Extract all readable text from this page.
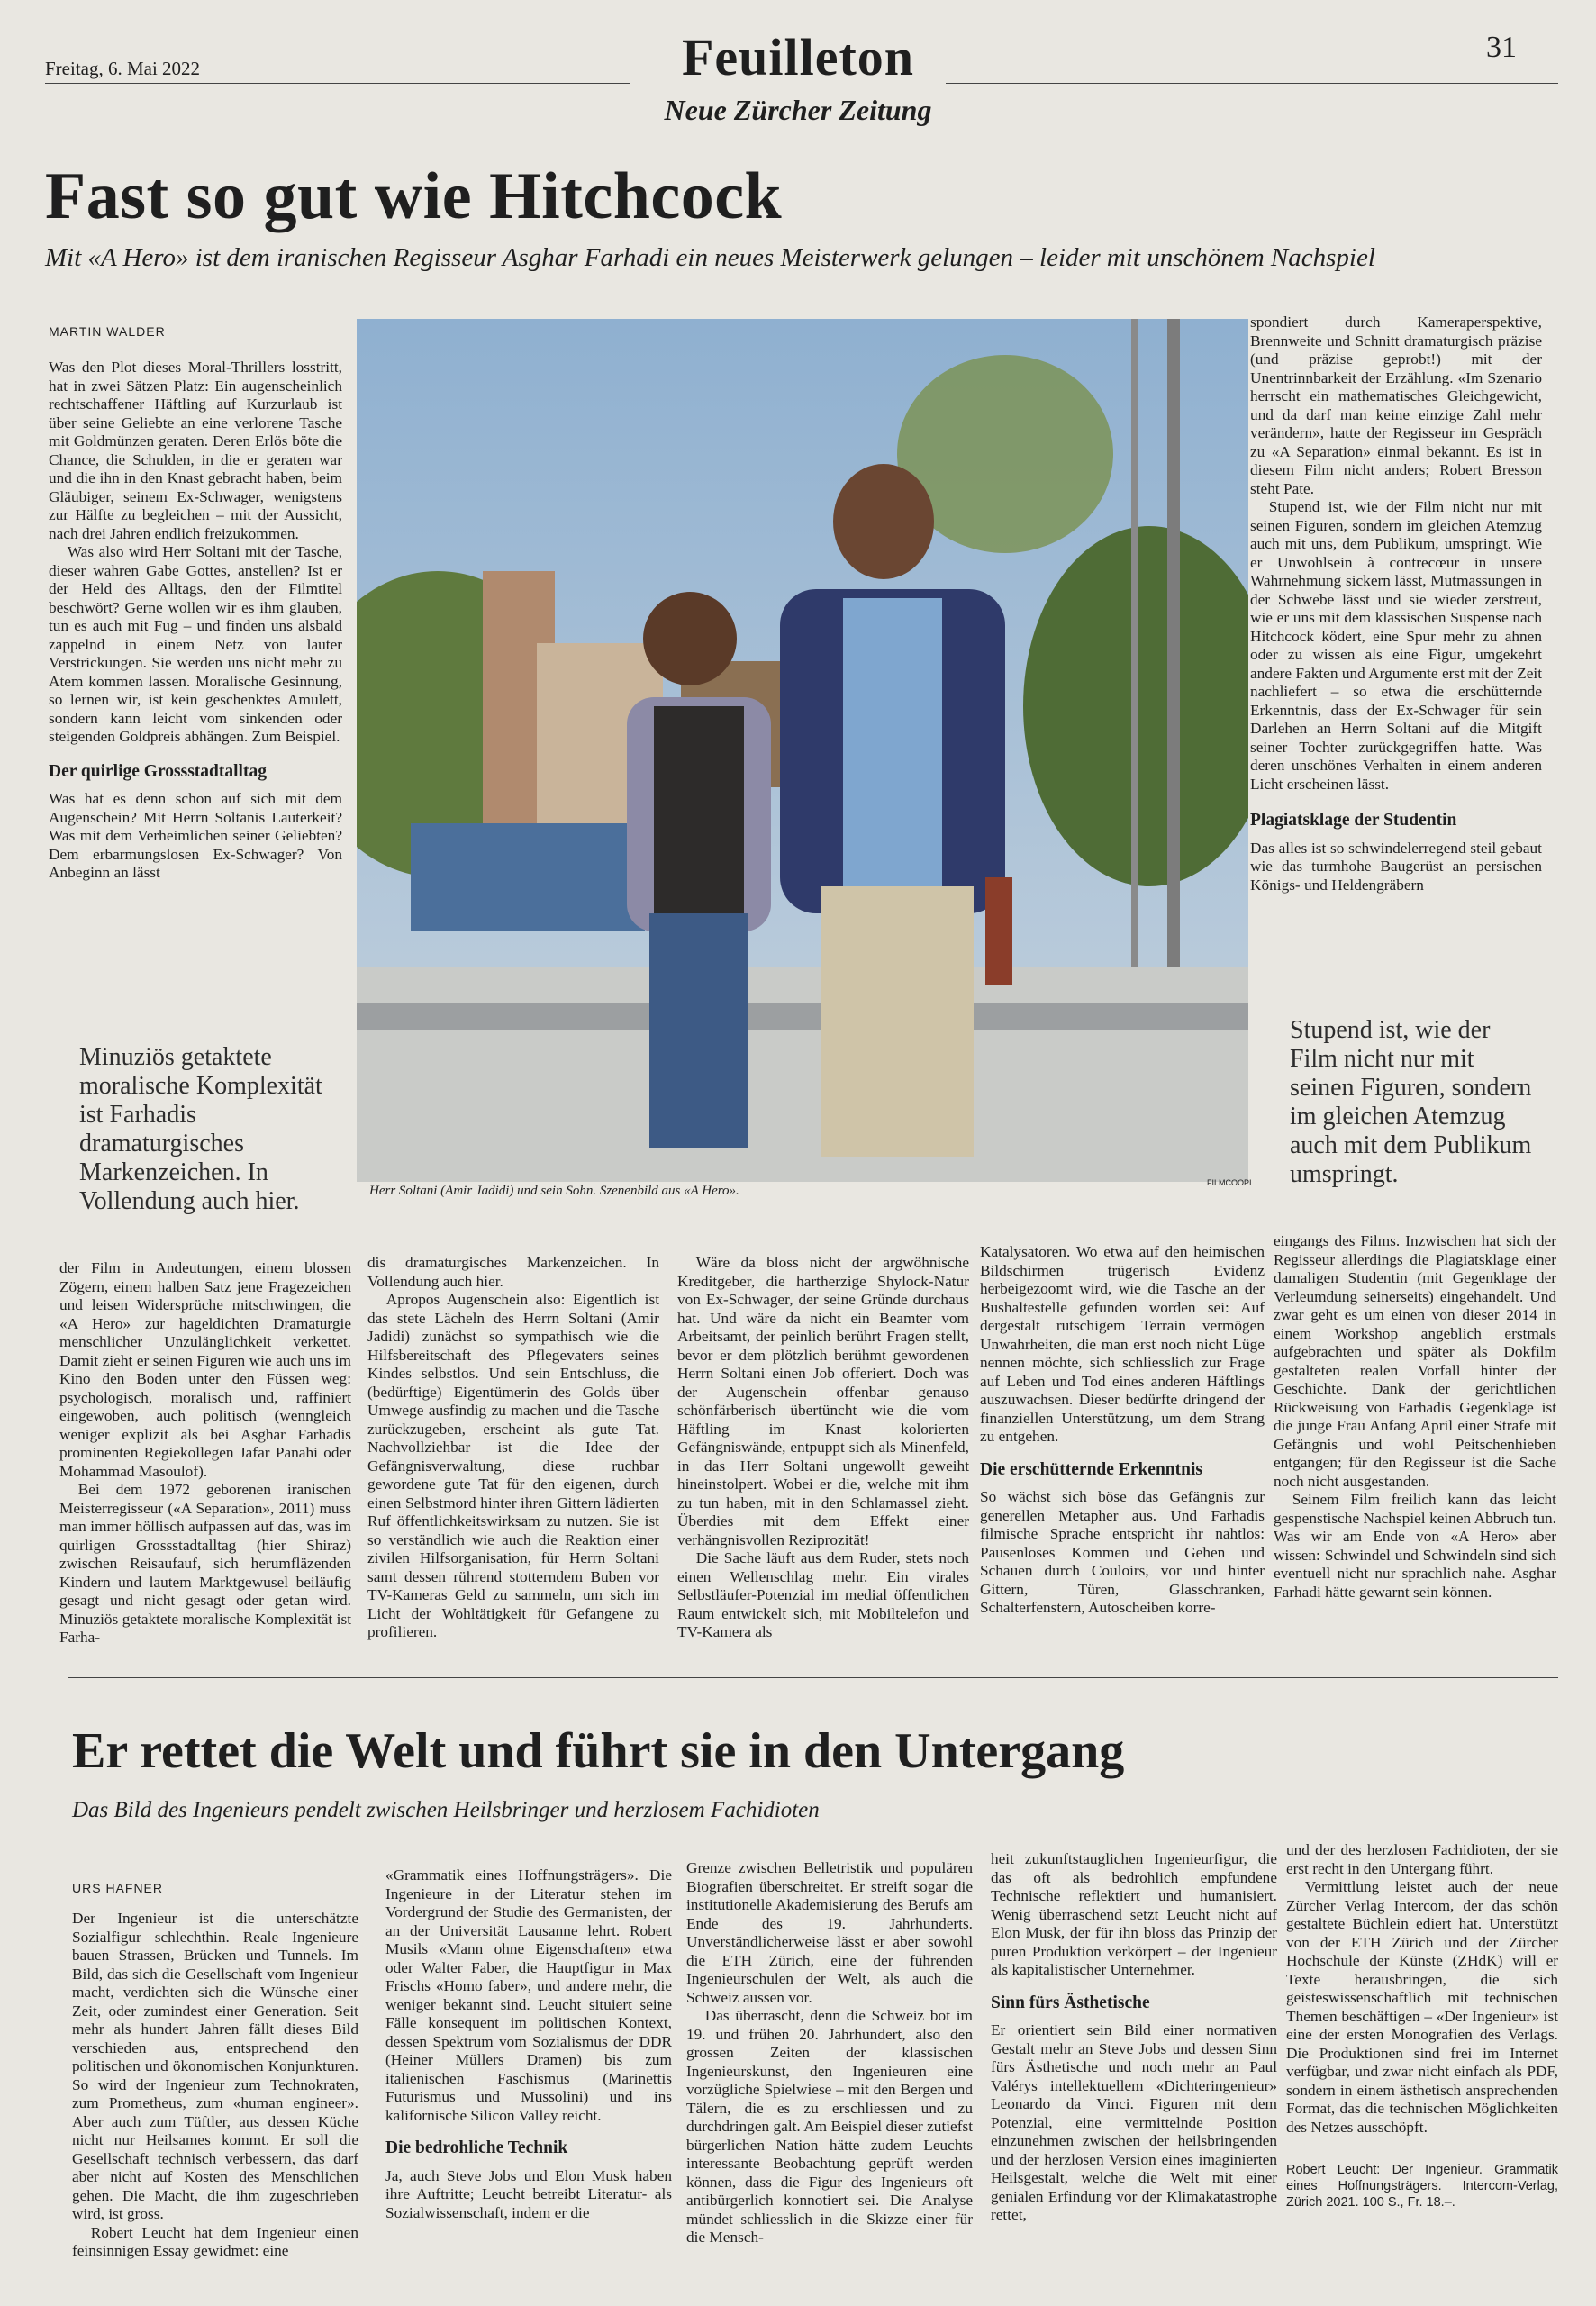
Freitag, 6. Mai 2022	Feuilleton
Neue Zürcher Zeitung
31
Fast so gut wie Hitchcock
Mit «A Hero» ist dem iranischen Regisseur Asghar Farhadi ein neues Meisterwerk gelungen – leider mit unschönem Nachspiel
MARTIN WALDER

Was den Plot dieses Moral-Thrillers losstritt, hat in zwei Sätzen Platz: Ein augenscheinlich rechtschaffener Häftling auf Kurzurlaub ist über seine Geliebte an eine verlorene Tasche mit Goldmünzen geraten. Deren Erlös böte die Chance, die Schulden, in die er geraten war und die ihn in den Knast gebracht haben, beim Gläubiger, seinem Ex-Schwager, wenigstens zur Hälfte zu begleichen – mit der Aussicht, nach drei Jahren endlich freizukommen.

Was also wird Herr Soltani mit der Tasche, dieser wahren Gabe Gottes, anstellen? Ist er der Held des Alltags, den der Filmtitel beschwört? Gerne wollen wir es ihm glauben, tun es auch mit Fug – und finden uns alsbald zappelnd in einem Netz von lauter Verstrickungen. Sie werden uns nicht mehr zu Atem kommen lassen. Moralische Gesinnung, so lernen wir, ist kein geschenktes Amulett, sondern kann leicht vom sinkenden oder steigenden Goldpreis abhängen. Zum Beispiel.

Der quirlige Grossstadtalltag

Was hat es denn schon auf sich mit dem Augenschein? Mit Herrn Soltanis Lauterkeit? Was mit dem Verheimlichen seiner Geliebten? Dem erbarmungslosen Ex-Schwager? Von Anbeginn an lässt

Minuziös getaktete moralische Komplexität ist Farhadis dramaturgisches Markenzeichen. In Vollendung auch hier.	Herr Soltani (Amir Jadidi) und sein Sohn. Szenenbild aus «A Hero».
FILMCOOPI

spondiert durch Kameraperspektive, Brennweite und Schnitt dramaturgisch präzise (und präzise geprobt!) mit der Unentrinnbarkeit der Erzählung. «Im Szenario herrscht ein mathematisches Gleichgewicht, und da darf man keine einzige Zahl mehr verändern», hatte der Regisseur im Gespräch zu «A Separation» einmal bekannt. Es ist in diesem Film nicht anders; Robert Bresson steht Pate.

Stupend ist, wie der Film nicht nur mit seinen Figuren, sondern im gleichen Atemzug auch mit uns, dem Publikum, umspringt. Wie er Unwohlsein à contrecœur in unsere Wahrnehmung sickern lässt, Mutmassungen in der Schwebe lässt und sie wieder zerstreut, wie er uns mit dem klassischen Suspense nach Hitchcock ködert, eine Spur mehr zu ahnen oder zu wissen als eine Figur, umgekehrt andere Fakten und Argumente erst mit der Zeit nachliefert – so etwa die erschütternde Erkenntnis, dass der Ex-Schwager für sein Darlehen an Herrn Soltani auf die Mitgift seiner Tochter zurückgegriffen hatte. Was deren unschönes Verhalten in einem anderen Licht erscheinen lässt.

Plagiatsklage der Studentin

Das alles ist so schwindelerregend steil gebaut wie das turmhohe Baugerüst an persischen Königs- und Heldengräbern

Stupend ist, wie der Film nicht nur mit seinen Figuren, sondern im gleichen Atemzug auch mit dem Publikum umspringt.

der Film in Andeutungen, einem blossen Zögern, einem halben Satz jene Fragezeichen und leisen Widersprüche mitschwingen, die «A Hero» zur hageldichten Dramaturgie menschlicher Unzulänglichkeit verkettet. Damit zieht er seinen Figuren wie auch uns im Kino den Boden unter den Füssen weg: psychologisch, moralisch und, raffiniert eingewoben, auch politisch (wenngleich weniger explizit als bei Asghar Farhadis prominenten Regiekollegen Jafar Panahi oder Mohammad Masoulof).

Bei dem 1972 geborenen iranischen Meisterregisseur («A Separation», 2011) muss man immer höllisch aufpassen auf das, was im quirligen Grossstadtalltag (hier Shiraz) zwischen Reisaufauf, sich herumfläzenden Kindern und lautem Marktgewusel beiläufig gesagt und nicht gesagt oder getan wird. Minuziös getaktete moralische Komplexität ist Farha-

dis dramaturgisches Markenzeichen. In Vollendung auch hier.

Apropos Augenschein also: Eigentlich ist das stete Lächeln des Herrn Soltani (Amir Jadidi) zunächst so sympathisch wie die Hilfsbereitschaft des Pflegevaters seines Kindes selbstlos. Und sein Entschluss, die (bedürftige) Eigentümerin des Golds über Umwege ausfindig zu machen und die Tasche zurückzugeben, erscheint als gute Tat. Nachvollziehbar ist die Idee der Gefängnisverwaltung, diese ruchbar gewordene gute Tat für den eigenen, durch einen Selbstmord hinter ihren Gittern lädierten Ruf öffentlichkeitswirksam zu nutzen. Sie ist so verständlich wie auch die Reaktion einer zivilen Hilfsorganisation, für Herrn Soltani samt dessen rührend stotterndem Buben vor TV-Kameras Geld zu sammeln, um sich im Licht der Wohltätigkeit für Gefangene zu profilieren.

Wäre da bloss nicht der argwöhnische Kreditgeber, die hartherzige Shylock-Natur von Ex-Schwager, der seine Gründe durchaus hat. Und wäre da nicht ein Beamter vom Arbeitsamt, der peinlich berührt Fragen stellt, bevor er dem plötzlich berühmt gewordenen Herrn Soltani einen Job offeriert. Doch was der Augenschein offenbar genauso schönfärberisch übertüncht wie die vom Häftling im Knast kolorierten Gefängniswände, entpuppt sich als Minenfeld, in das Herr Soltani ungewollt geweiht hineinstolpert. Wobei er die, welche mit ihm zu tun haben, mit in den Schlamassel zieht. Überdies mit dem Effekt einer verhängnisvollen Reziprozität!

Die Sache läuft aus dem Ruder, stets noch einen Wellenschlag mehr. Ein virales Selbstläufer-Potenzial im medial öffentlichen Raum entwickelt sich, mit Mobiltelefon und TV-Kamera als

Katalysatoren. Wo etwa auf den heimischen Bildschirmen trügerisch Evidenz herbeigezoomt wird, wie die Tasche an der Bushaltestelle gefunden worden sei: Auf dergestalt rutschigem Terrain vermögen Unwahrheiten, die man erst noch nicht Lüge nennen möchte, sich schliesslich zur Frage auf Leben und Tod eines anderen Häftlings auszuwachsen. Dieser bedürfte dringend der finanziellen Unterstützung, um dem Strang zu entgehen.

Die erschütternde Erkenntnis

So wächst sich böse das Gefängnis zur generellen Metapher aus. Und Farhadis filmische Sprache entspricht ihr nahtlos: Pausenloses Kommen und Gehen und Schauen durch Couloirs, vor und hinter Gittern, Türen, Glasschranken, Schalterfenstern, Autoscheiben korre-

eingangs des Films. Inzwischen hat sich der Regisseur allerdings die Plagiatsklage einer damaligen Studentin (mit Gegenklage der Verleumdung seinerseits) eingehandelt. Und zwar geht es um einen von dieser 2014 in einem Workshop angeblich erstmals aufgebrachten und später als Dokfilm gestalteten realen Vorfall hinter der Geschichte. Dank der gerichtlichen Rückweisung von Farhadis Gegenklage ist die junge Frau Anfang April einer Strafe mit Gefängnis und wohl Peitschenhieben entgangen; für den Regisseur ist die Sache noch nicht ausgestanden.

Seinem Film freilich kann das leicht gespenstische Nachspiel keinen Abbruch tun. Was wir am Ende von «A Hero» aber wissen: Schwindel und Schwindeln sind sich eventuell nicht nur sprachlich nahe. Asghar Farhadi hätte gewarnt sein können.

Er rettet die Welt und führt sie in den Untergang
Das Bild des Ingenieurs pendelt zwischen Heilsbringer und herzlosem Fachidioten
URS HAFNER

Der Ingenieur ist die unterschätzte Sozialfigur schlechthin. Reale Ingenieure bauen Strassen, Brücken und Tunnels. Im Bild, das sich die Gesellschaft vom Ingenieur macht, verdichten sich die Wünsche einer Zeit, oder zumindest einer Generation. Seit mehr als hundert Jahren fällt dieses Bild verschieden aus, entsprechend den politischen und ökonomischen Konjunkturen. So wird der Ingenieur zum Technokraten, zum Prometheus, zum «human engineer». Aber auch zum Tüftler, aus dessen Küche nicht nur Heilsames kommt. Er soll die Gesellschaft technisch verbessern, das darf aber nicht auf Kosten des Menschlichen gehen. Die Macht, die ihm zugeschrieben wird, ist gross.

Robert Leucht hat dem Ingenieur einen feinsinnigen Essay gewidmet: eine

«Grammatik eines Hoffnungsträgers». Die Ingenieure in der Literatur stehen im Vordergrund der Studie des Germanisten, der an der Universität Lausanne lehrt. Robert Musils «Mann ohne Eigenschaften» etwa oder Walter Faber, die Hauptfigur in Max Frischs «Homo faber», und andere mehr, die weniger bekannt sind. Leucht situiert seine Fälle konsequent im politischen Kontext, dessen Spektrum vom Sozialismus der DDR (Heiner Müllers Dramen) bis zum italienischen Faschismus (Marinettis Futurismus und Mussolini) und ins kalifornische Silicon Valley reicht.

Die bedrohliche Technik

Ja, auch Steve Jobs und Elon Musk haben ihre Auftritte; Leucht betreibt Literatur- als Sozialwissenschaft, indem er die

Grenze zwischen Belletristik und populären Biografien überschreitet. Er streift sogar die institutionelle Akademisierung des Berufs am Ende des 19. Jahrhunderts. Unverständlicherweise lässt er aber sowohl die ETH Zürich, eine der führenden Ingenieurschulen der Welt, als auch die Schweiz aussen vor.

Das überrascht, denn die Schweiz bot im 19. und frühen 20. Jahrhundert, also den grossen Zeiten der klassischen Ingenieurskunst, den Ingenieuren eine vorzügliche Spielwiese – mit den Bergen und Tälern, die es zu erschliessen und zu durchdringen galt. Am Beispiel dieser zutiefst bürgerlichen Nation hätte zudem Leuchts interessante Beobachtung geprüft werden können, dass die Figur des Ingenieurs oft antibürgerlich konnotiert sei. Die Analyse mündet schliesslich in die Skizze einer für die Mensch-

heit zukunftstauglichen Ingenieurfigur, die das oft als bedrohlich empfundene Technische reflektiert und humanisiert. Wenig überraschend setzt Leucht nicht auf Elon Musk, der für ihn bloss das Prinzip der puren Produktion verkörpert – der Ingenieur als kapitalistischer Unternehmer.

Sinn fürs Ästhetische

Er orientiert sein Bild einer normativen Gestalt mehr an Steve Jobs und dessen Sinn fürs Ästhetische und noch mehr an Paul Valérys intellektuellem «Dichteringenieur» Leonardo da Vinci. Figuren mit dem Potenzial, eine vermittelnde Position einzunehmen zwischen der heilsbringenden und der herzlosen Version eines imaginierten Heilsgestalt, welche die Welt mit einer genialen Erfindung vor der Klimakatastrophe rettet,

und der des herzlosen Fachidioten, der sie erst recht in den Untergang führt.

Vermittlung leistet auch der neue Zürcher Verlag Intercom, der das schön gestaltete Büchlein ediert hat. Unterstützt von der ETH Zürich und der Zürcher Hochschule der Künste (ZHdK) will er Texte herausbringen, die sich geisteswissenschaftlich mit technischen Themen beschäftigen – «Der Ingenieur» ist eine der ersten Monografien des Verlags. Die Produktionen sind frei im Internet verfügbar, und zwar nicht einfach als PDF, sondern in einem ästhetisch ansprechenden Format, das die technischen Möglichkeiten des Netzes ausschöpft.

Robert Leucht: Der Ingenieur. Grammatik eines Hoffnungsträgers. Intercom-Verlag, Zürich 2021. 100 S., Fr. 18.–.
